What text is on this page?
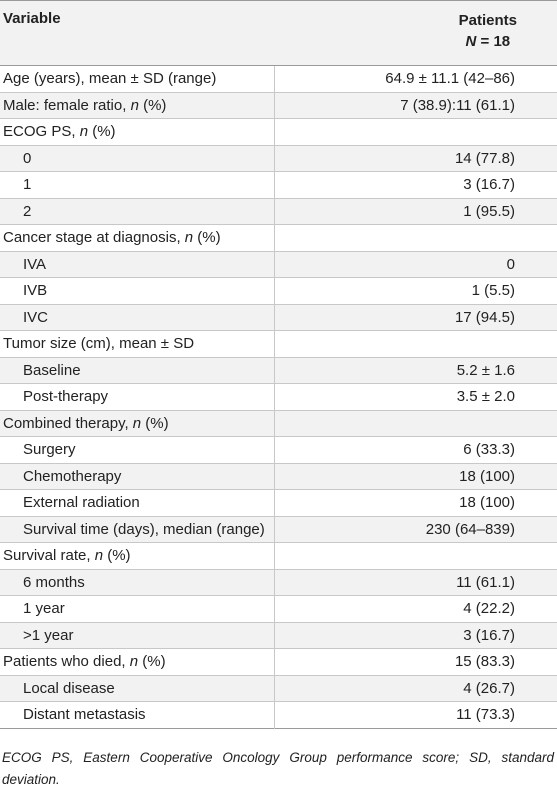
Variable	Patients
N = 18
Age (years), mean ± SD (range)	64.9 ± 11.1 (42–86)
Male: female ratio, n (%)	7 (38.9):11 (61.1)
ECOG PS, n (%)
0	14 (77.8)
1	3 (16.7)
2	1 (95.5)
Cancer stage at diagnosis, n (%)
IVA	0
IVB	1 (5.5)
IVC	17 (94.5)
Tumor size (cm), mean ± SD
Baseline	5.2 ± 1.6
Post-therapy	3.5 ± 2.0
Combined therapy, n (%)
Surgery	6 (33.3)
Chemotherapy	18 (100)
External radiation	18 (100)
Survival time (days), median (range)	230 (64–839)
Survival rate, n (%)
6 months	11 (61.1)
1 year	4 (22.2)
>1 year	3 (16.7)
Patients who died, n (%)	15 (83.3)
Local disease	4 (26.7)
Distant metastasis	11 (73.3)
ECOG PS, Eastern Cooperative Oncology Group performance score; SD, standard deviation.
